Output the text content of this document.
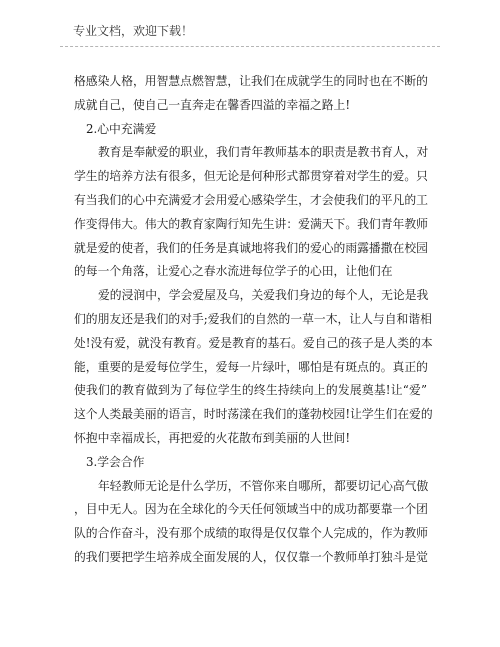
专业文档，欢迎下载！
格感染人格，用智慧点燃智慧，让我们在成就学生的同时也在不断的
成就自己，使自己一直奔走在馨香四溢的幸福之路上!
2.心中充满爱
教育是奉献爱的职业，我们青年教师基本的职责是教书育人，对
学生的培养方法有很多，但无论是何种形式都贯穿着对学生的爱。只
有当我们的心中充满爱才会用爱心感染学生，才会使我们的平凡的工
作变得伟大。伟大的教育家陶行知先生讲：爱满天下。我们青年教师
就是爱的使者，我们的任务是真诚地将我们的爱心的雨露播撒在校园
的每一个角落，让爱心之春水流进每位学子的心田，让他们在
爱的浸润中，学会爱屋及乌，关爱我们身边的每个人，无论是我
们的朋友还是我们的对手;爱我们的自然的一草一木，让人与自和谐相
处!没有爱，就没有教育。爱是教育的基石。爱自己的孩子是人类的本
能，重要的是爱每位学生，爱每一片绿叶，哪怕是有斑点的。真正的
使我们的教育做到为了每位学生的终生持续向上的发展奠基!让“爱”
这个人类最美丽的语言，时时荡漾在我们的蓬勃校园!让学生们在爱的
怀抱中幸福成长，再把爱的火花散布到美丽的人世间!
3.学会合作
年轻教师无论是什么学历，不管你来自哪所，都要切记心高气傲
，目中无人。因为在全球化的今天任何领域当中的成功都要靠一个团
队的合作奋斗，没有那个成绩的取得是仅仅靠个人完成的，作为教师
的我们要把学生培养成全面发展的人，仅仅靠一个教师单打独斗是觉
